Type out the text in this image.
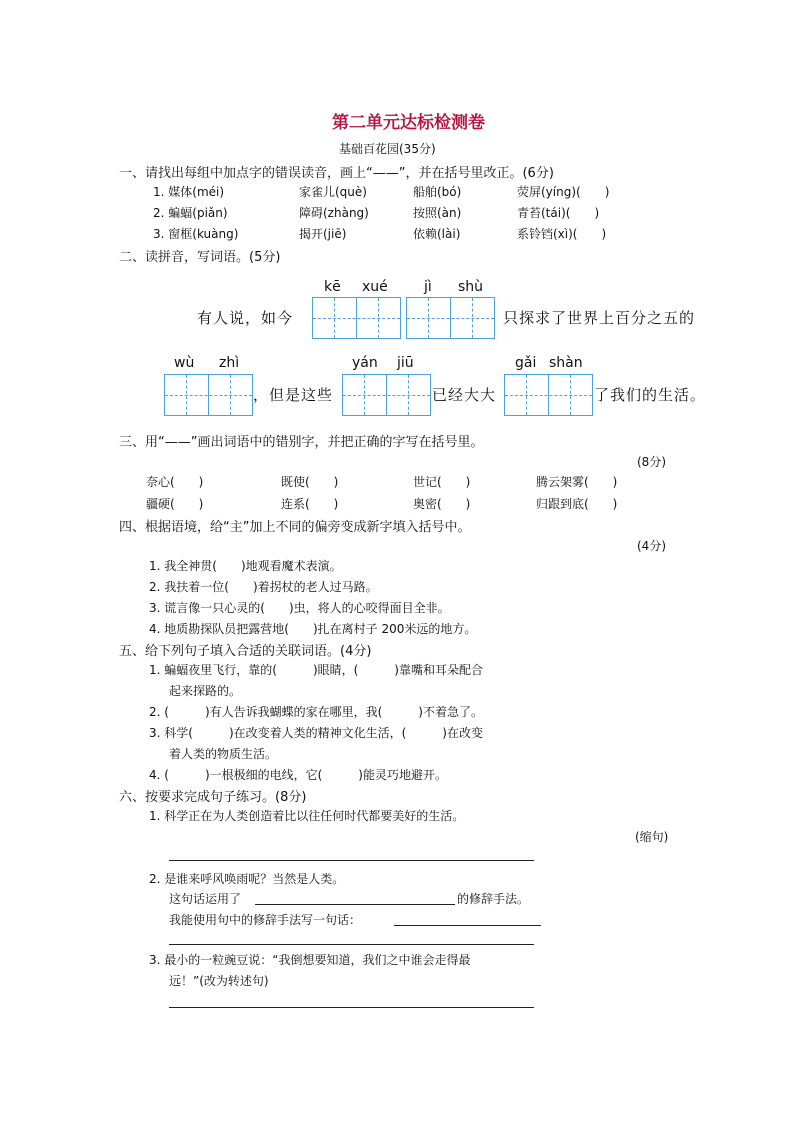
第二单元达标检测卷
基础百花园(35分)
一、请找出每组中加点字的错误读音，画上“——”，并在括号里改正。(6分)
1. 媒体(méi)	家雀儿(què)	船舶(bó)	荧屏(yíng)(　　)
2. 蝙蝠(piǎn)	障碍(zhàng)	按照(àn)	青苔(tái)(　　)
3. 窗框(kuàng)	揭开(jiē)	依赖(lài)	系铃铛(xì)(　　)
二、读拼音，写词语。(5分)
kē xué	jì shù
有人说，如今	只探求了世界上百分之五的
wù zhì	yán jiū	gǎi shàn
，但是这些	已经大大	了我们的生活。
三、用“——”画出词语中的错别字，并把正确的字写在括号里。
(8分)
奈心(　　)	既使(　　)	世记(　　)	腾云架雾(　　)
疆硬(　　)	连系(　　)	奥密(　　)	归跟到底(　　)
四、根据语境，给“主”加上不同的偏旁变成新字填入括号中。
(4分)
1. 我全神贯(　　)地观看魔术表演。
2. 我扶着一位(　　)着拐杖的老人过马路。
3. 谎言像一只心灵的(　　)虫，将人的心咬得面目全非。
4. 地质勘探队员把露营地(　　)扎在离村子 200米远的地方。
五、给下列句子填入合适的关联词语。(4分)
1. 蝙蝠夜里飞行，靠的(　　　)眼睛，(　　　)靠嘴和耳朵配合
起来探路的。
2. (　　　)有人告诉我蝴蝶的家在哪里，我(　　　)不着急了。
3. 科学(　　　)在改变着人类的精神文化生活，(　　　)在改变
着人类的物质生活。
4. (　　　)一根极细的电线，它(　　　)能灵巧地避开。
六、按要求完成句子练习。(8分)
1. 科学正在为人类创造着比以往任何时代都要美好的生活。
(缩句)
2. 是谁来呼风唤雨呢？当然是人类。
这句话运用了	的修辞手法。
我能使用句中的修辞手法写一句话：
3. 最小的一粒豌豆说：“我倒想要知道，我们之中谁会走得最
远！”(改为转述句)
